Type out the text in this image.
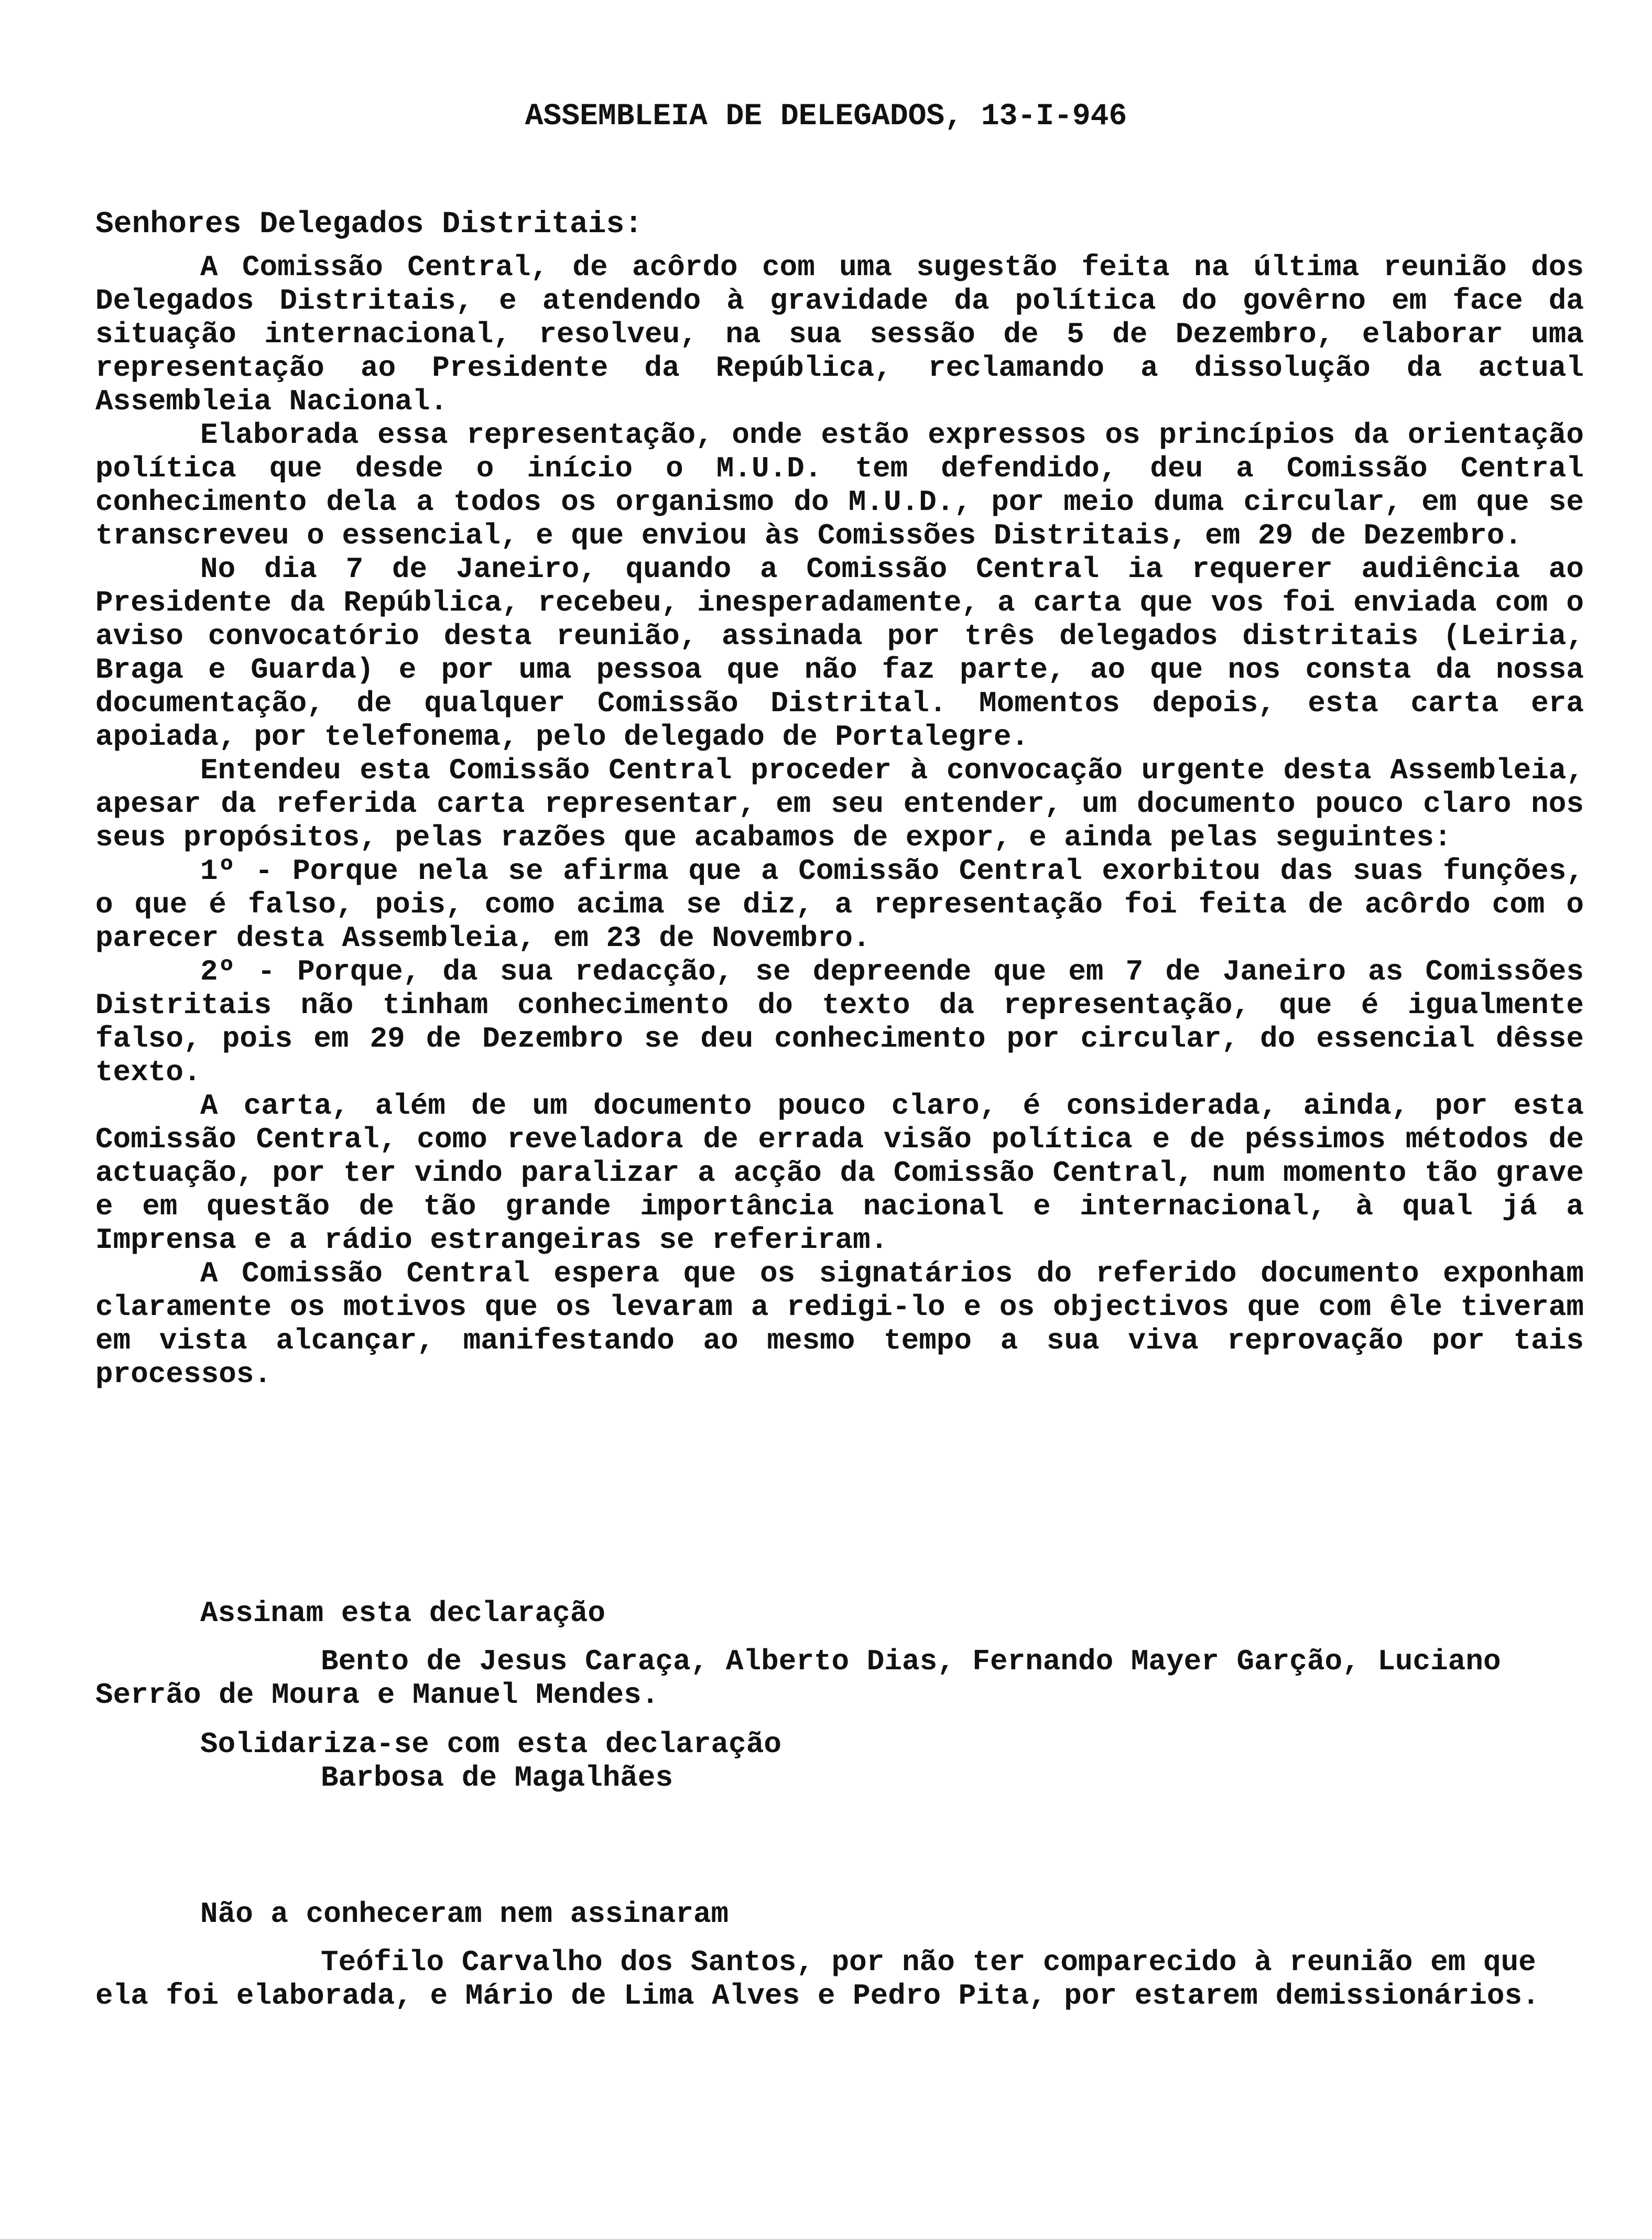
ASSEMBLEIA DE DELEGADOS, 13-I-946
Senhores Delegados Distritais:

A Comissão Central, de acôrdo com uma sugestão feita na última reunião dos Delegados Distritais, e atendendo à gravidade da política do govêrno em face da situação internacional, resolveu, na sua sessão de 5 de Dezembro, elaborar uma representação ao Presidente da República, reclamando a dissolução da actual Assembleia Nacional.

Elaborada essa representação, onde estão expressos os princípios da orientação política que desde o início o M.U.D. tem defendido, deu a Comissão Central conhecimento dela a todos os organismo do M.U.D., por meio duma circular, em que se transcreveu o essencial, e que enviou às Comissões Distritais, em 29 de Dezembro.

No dia 7 de Janeiro, quando a Comissão Central ia requerer audiência ao Presidente da República, recebeu, inesperadamente, a carta que vos foi enviada com o aviso convocatório desta reunião, assinada por três delegados distritais (Leiria, Braga e Guarda) e por uma pessoa que não faz parte, ao que nos consta da nossa documentação, de qualquer Comissão Distrital. Momentos depois, esta carta era apoiada, por telefonema, pelo delegado de Portalegre.

Entendeu esta Comissão Central proceder à convocação urgente desta Assembleia, apesar da referida carta representar, em seu entender, um documento pouco claro nos seus propósitos, pelas razões que acabamos de expor, e ainda pelas seguintes:

1º - Porque nela se afirma que a Comissão Central exorbitou das suas funções, o que é falso, pois, como acima se diz, a representação foi feita de acôrdo com o parecer desta Assembleia, em 23 de Novembro.

2º - Porque, da sua redacção, se depreende que em 7 de Janeiro as Comissões Distritais não tinham conhecimento do texto da representação, que é igualmente falso, pois em 29 de Dezembro se deu conhecimento por circular, do essencial dêsse texto.

A carta, além de um documento pouco claro, é considerada, ainda, por esta Comissão Central, como reveladora de errada visão política e de péssimos métodos de actuação, por ter vindo paralizar a acção da Comissão Central, num momento tão grave e em questão de tão grande importância nacional e internacional, à qual já a Imprensa e a rádio estrangeiras se referiram.

A Comissão Central espera que os signatários do referido documento exponham claramente os motivos que os levaram a redigi-lo e os objectivos que com êle tiveram em vista alcançar, manifestando ao mesmo tempo a sua viva reprovação por tais processos.

Assinam esta declaração

Bento de Jesus Caraça, Alberto Dias, Fernando Mayer Garção, Luciano Serrão de Moura e Manuel Mendes.

Solidariza-se com esta declaração

Barbosa de Magalhães

Não a conheceram nem assinaram

Teófilo Carvalho dos Santos, por não ter comparecido à reunião em que ela foi elaborada, e Mário de Lima Alves e Pedro Pita, por estarem demissionários.
